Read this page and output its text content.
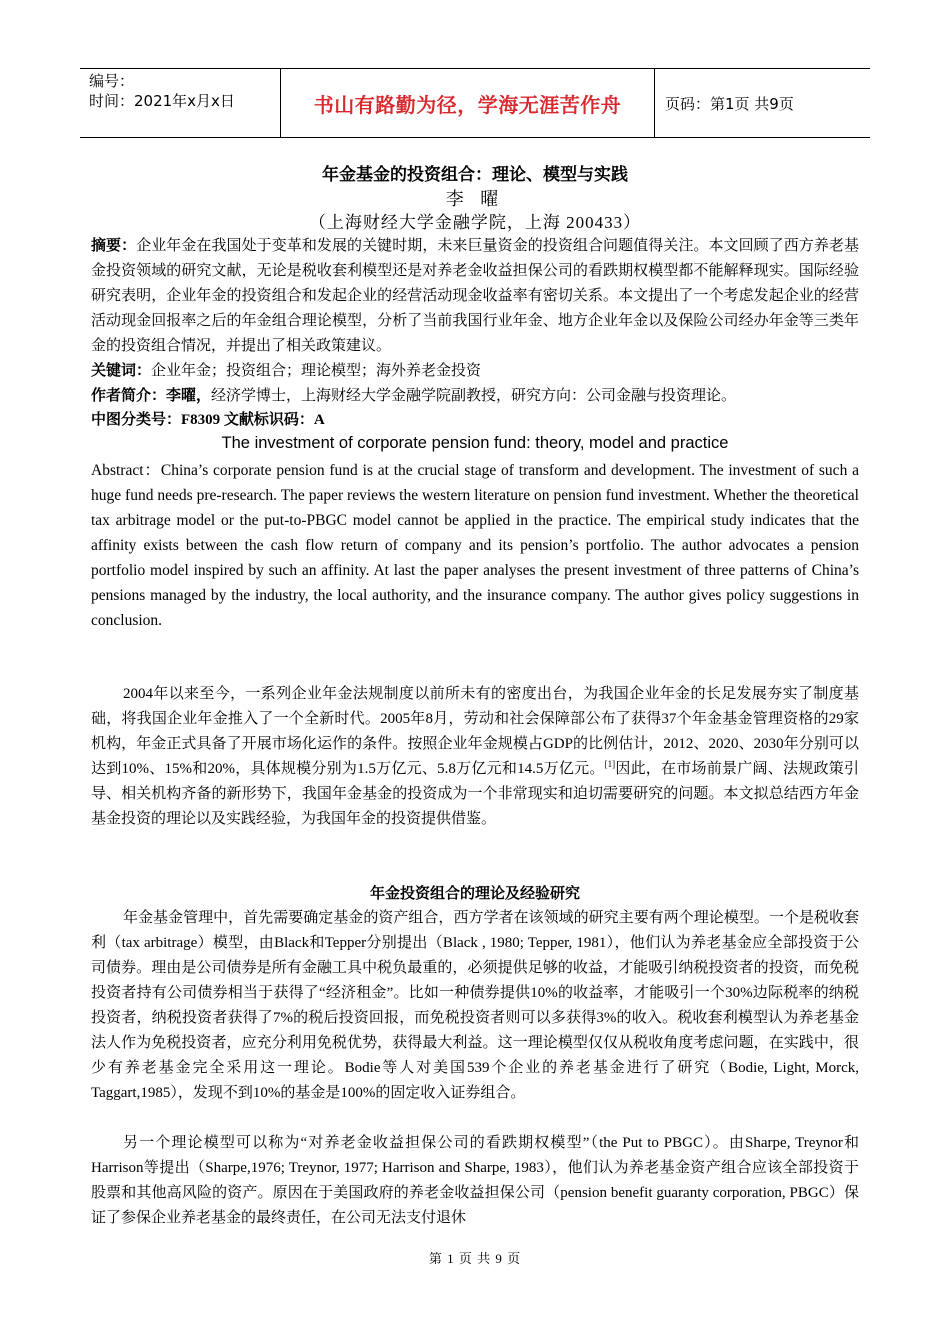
编号：
时间：2021年x月x日	书山有路勤为径，学海无涯苦作舟	页码：第1页 共9页
年金基金的投资组合：理论、模型与实践
李 曜
（上海财经大学金融学院，上海 200433）
摘要：企业年金在我国处于变革和发展的关键时期，未来巨量资金的投资组合问题值得关注。本文回顾了西方养老基金投资领域的研究文献，无论是税收套利模型还是对养老金收益担保公司的看跌期权模型都不能解释现实。国际经验研究表明，企业年金的投资组合和发起企业的经营活动现金收益率有密切关系。本文提出了一个考虑发起企业的经营活动现金回报率之后的年金组合理论模型，分析了当前我国行业年金、地方企业年金以及保险公司经办年金等三类年金的投资组合情况，并提出了相关政策建议。
关键词：企业年金；投资组合；理论模型；海外养老金投资
作者简介：李曜，经济学博士，上海财经大学金融学院副教授，研究方向：公司金融与投资理论。
中图分类号：F8309 文献标识码：A
The investment of corporate pension fund: theory, model and practice
Abstract：China’s corporate pension fund is at the crucial stage of transform and development. The investment of such a huge fund needs pre-research. The paper reviews the western literature on pension fund investment. Whether the theoretical tax arbitrage model or the put-to-PBGC model cannot be applied in the practice. The empirical study indicates that the affinity exists between the cash flow return of company and its pension’s portfolio. The author advocates a pension portfolio model inspired by such an affinity. At last the paper analyses the present investment of three patterns of China’s pensions managed by the industry, the local authority, and the insurance company. The author gives policy suggestions in conclusion.
2004年以来至今，一系列企业年金法规制度以前所未有的密度出台，为我国企业年金的长足发展夯实了制度基础，将我国企业年金推入了一个全新时代。2005年8月，劳动和社会保障部公布了获得37个年金基金管理资格的29家机构，年金正式具备了开展市场化运作的条件。按照企业年金规模占GDP的比例估计，2012、2020、2030年分别可以达到10%、15%和20%，具体规模分别为1.5万亿元、5.8万亿元和14.5万亿元。[1]因此，在市场前景广阔、法规政策引导、相关机构齐备的新形势下，我国年金基金的投资成为一个非常现实和迫切需要研究的问题。本文拟总结西方年金基金投资的理论以及实践经验，为我国年金的投资提供借鉴。
年金投资组合的理论及经验研究
年金基金管理中，首先需要确定基金的资产组合，西方学者在该领域的研究主要有两个理论模型。一个是税收套利（tax arbitrage）模型，由Black和Tepper分别提出（Black , 1980; Tepper, 1981），他们认为养老基金应全部投资于公司债券。理由是公司债券是所有金融工具中税负最重的，必须提供足够的收益，才能吸引纳税投资者的投资，而免税投资者持有公司债券相当于获得了“经济租金”。比如一种债券提供10%的收益率，才能吸引一个30%边际税率的纳税投资者，纳税投资者获得了7%的税后投资回报，而免税投资者则可以多获得3%的收入。税收套利模型认为养老基金法人作为免税投资者，应充分利用免税优势，获得最大利益。这一理论模型仅仅从税收角度考虑问题，在实践中，很少有养老基金完全采用这一理论。Bodie等人对美国539个企业的养老基金进行了研究（Bodie, Light, Morck, Taggart,1985），发现不到10%的基金是100%的固定收入证券组合。
另一个理论模型可以称为“对养老金收益担保公司的看跌期权模型”（the Put to PBGC）。由Sharpe, Treynor和Harrison等提出（Sharpe,1976; Treynor, 1977; Harrison and Sharpe, 1983），他们认为养老基金资产组合应该全部投资于股票和其他高风险的资产。原因在于美国政府的养老金收益担保公司（pension benefit guaranty corporation, PBGC）保证了参保企业养老基金的最终责任，在公司无法支付退休
第 1 页 共 9 页
